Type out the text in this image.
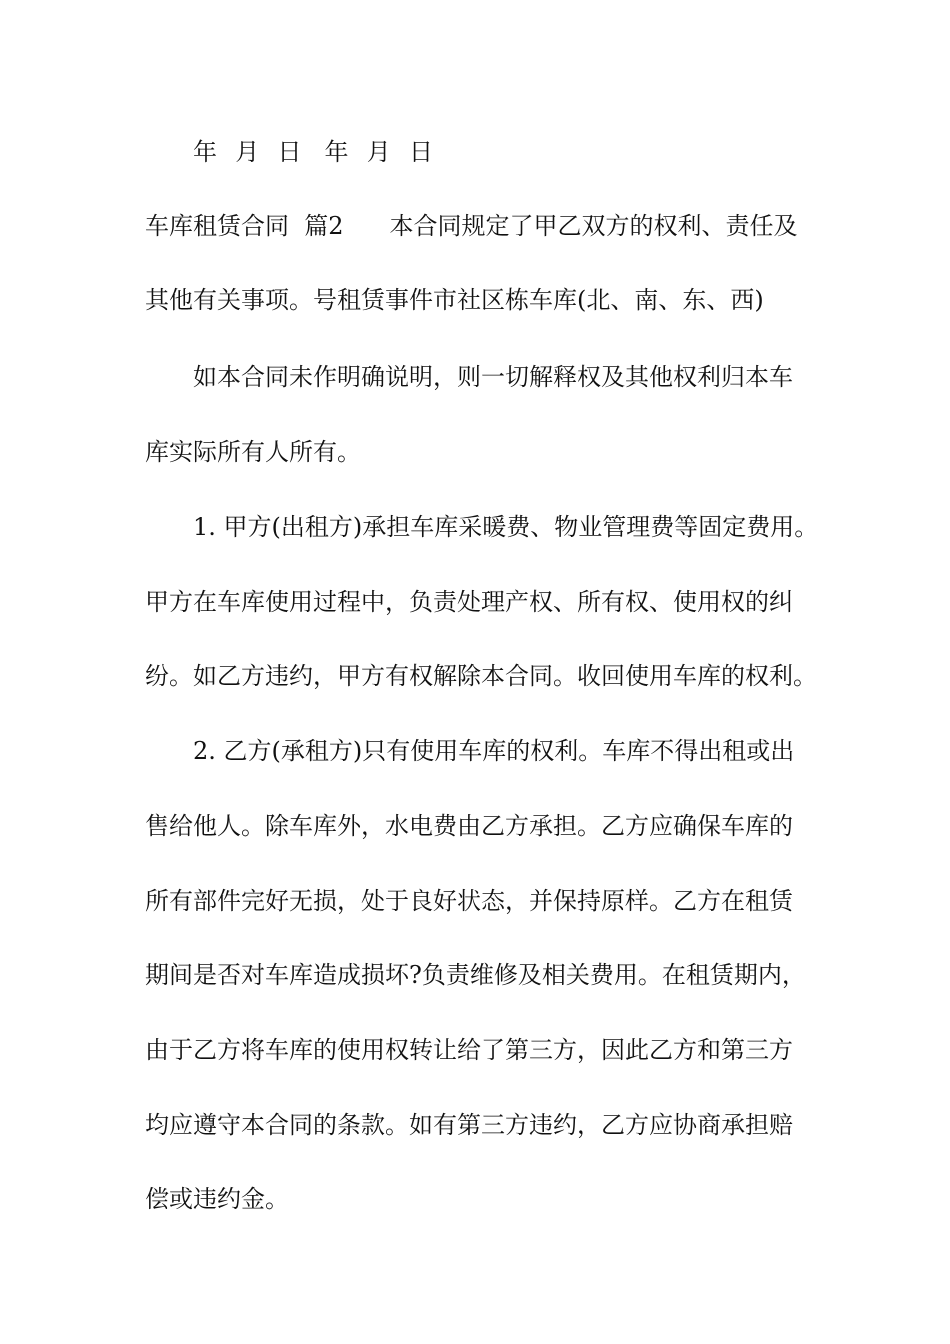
年  月  日 年  月  日
车库租赁合同  篇2 本合同规定了甲乙双方的权利、责任及
其他有关事项。号租赁事件市社区栋车库(北、南、东、西)
如本合同未作明确说明，则一切解释权及其他权利归本车
库实际所有人所有。
1. 甲方(出租方)承担车库采暖费、物业管理费等固定费用。
甲方在车库使用过程中，负责处理产权、所有权、使用权的纠
纷。如乙方违约，甲方有权解除本合同。收回使用车库的权利。
2. 乙方(承租方)只有使用车库的权利。车库不得出租或出
售给他人。除车库外，水电费由乙方承担。乙方应确保车库的
所有部件完好无损，处于良好状态，并保持原样。乙方在租赁
期间是否对车库造成损坏?负责维修及相关费用。在租赁期内，
由于乙方将车库的使用权转让给了第三方，因此乙方和第三方
均应遵守本合同的条款。如有第三方违约，乙方应协商承担赔
偿或违约金。
